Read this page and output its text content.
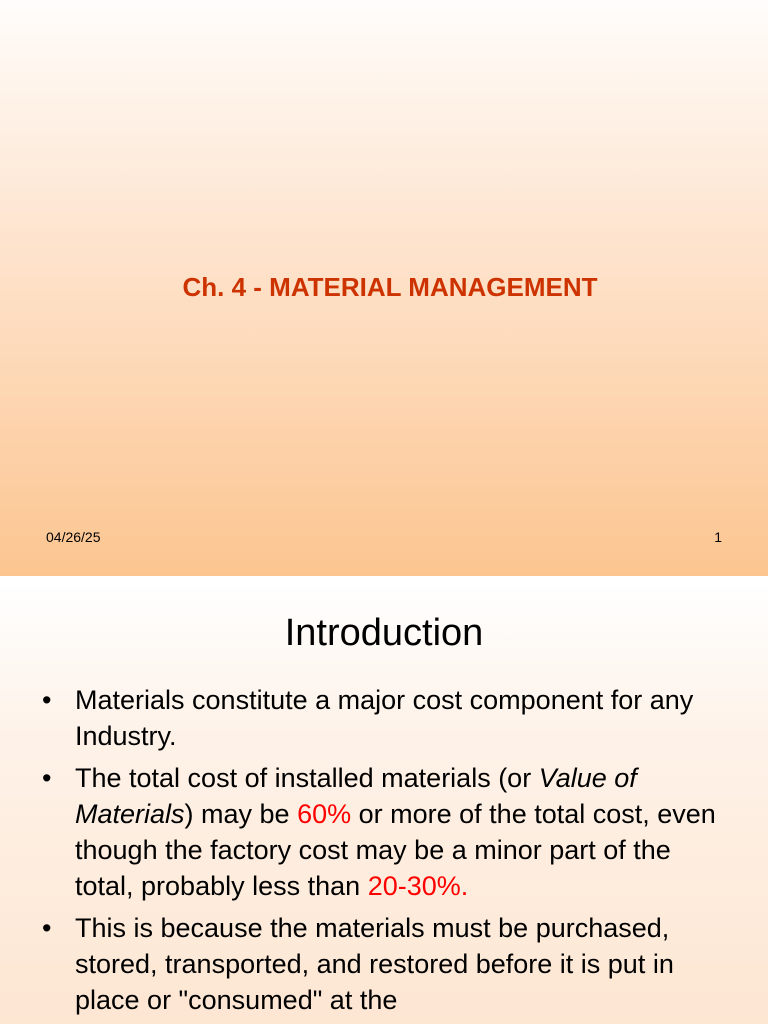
Ch. 4 - MATERIAL MANAGEMENT
04/26/25	1
Introduction
• Materials constitute a major cost component for any Industry.
• The total cost of installed materials (or Value of Materials) may be 60% or more of the total cost, even though the factory cost may be a minor part of the total, probably less than 20-30%.
• This is because the materials must be purchased, stored, transported, and restored before it is put in place or "consumed" at the
